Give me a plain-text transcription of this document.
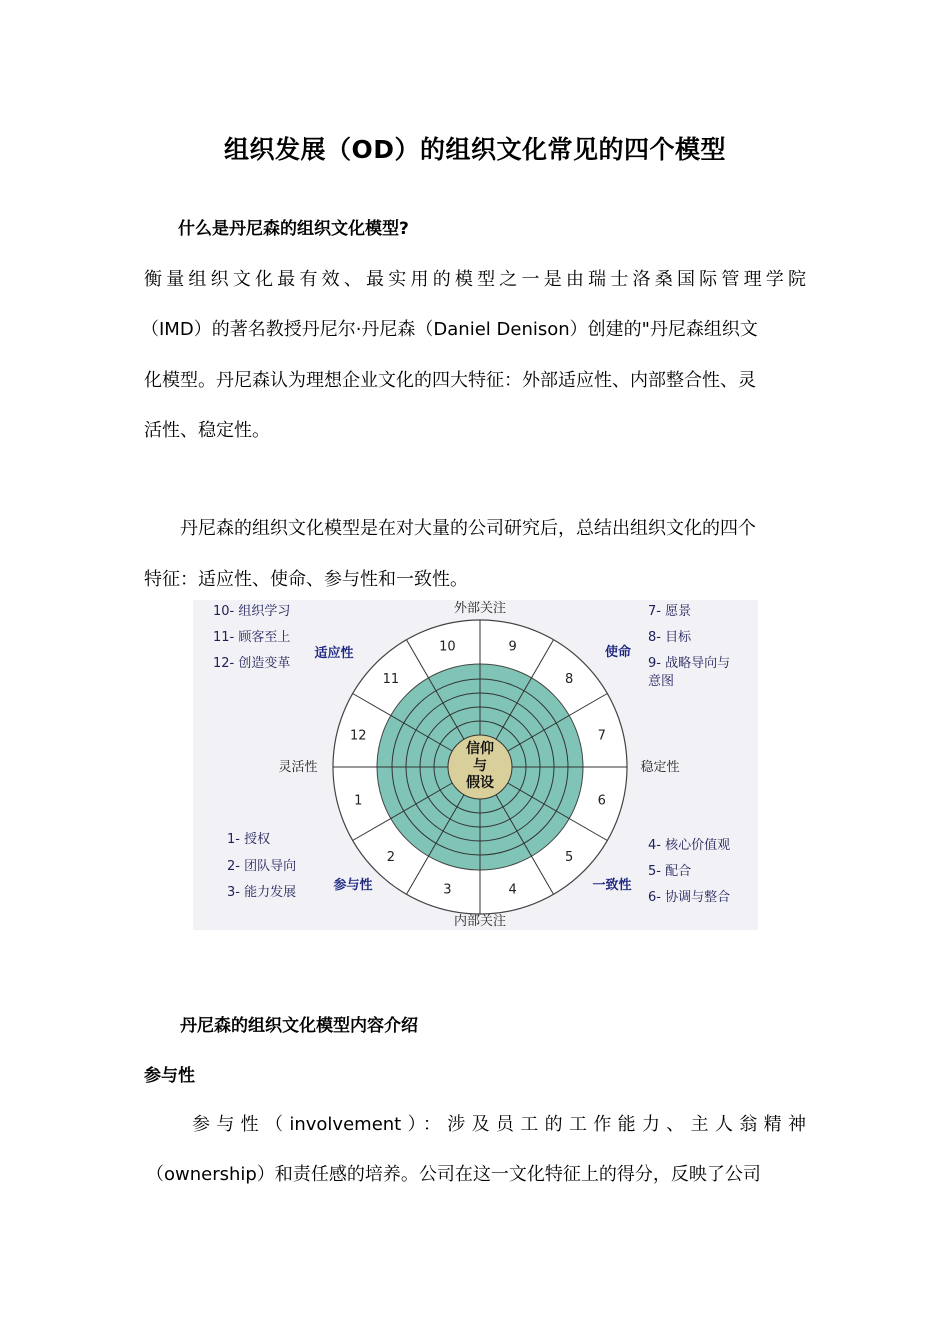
组织发展（OD）的组织文化常见的四个模型
什么是丹尼森的组织文化模型?
衡量组织文化最有效、最实用的模型之一是由瑞士洛桑国际管理学院
（IMD）的著名教授丹尼尔·丹尼森（Daniel Denison）创建的"丹尼森组织文
化模型。丹尼森认为理想企业文化的四大特征：外部适应性、内部整合性、灵
活性、稳定性。
丹尼森的组织文化模型是在对大量的公司研究后，总结出组织文化的四个
特征：适应性、使命、参与性和一致性。
信仰
与
假设
1
2
3	4
5
6
7
8
9
10
11
12
外部关注
内部关注
灵活性	稳定性
10- 组织学习
11- 顾客至上
12- 创造变革
适应性
7- 愿景
8- 目标
9- 战略导向与
意图
使命
1- 授权
2- 团队导向
3- 能力发展	参与性
4- 核心价值观
5- 配合
6- 协调与整合
一致性
丹尼森的组织文化模型内容介绍
参与性
参与性（involvement）：涉及员工的工作能力、主人翁精神
（ownership）和责任感的培养。公司在这一文化特征上的得分，反映了公司
